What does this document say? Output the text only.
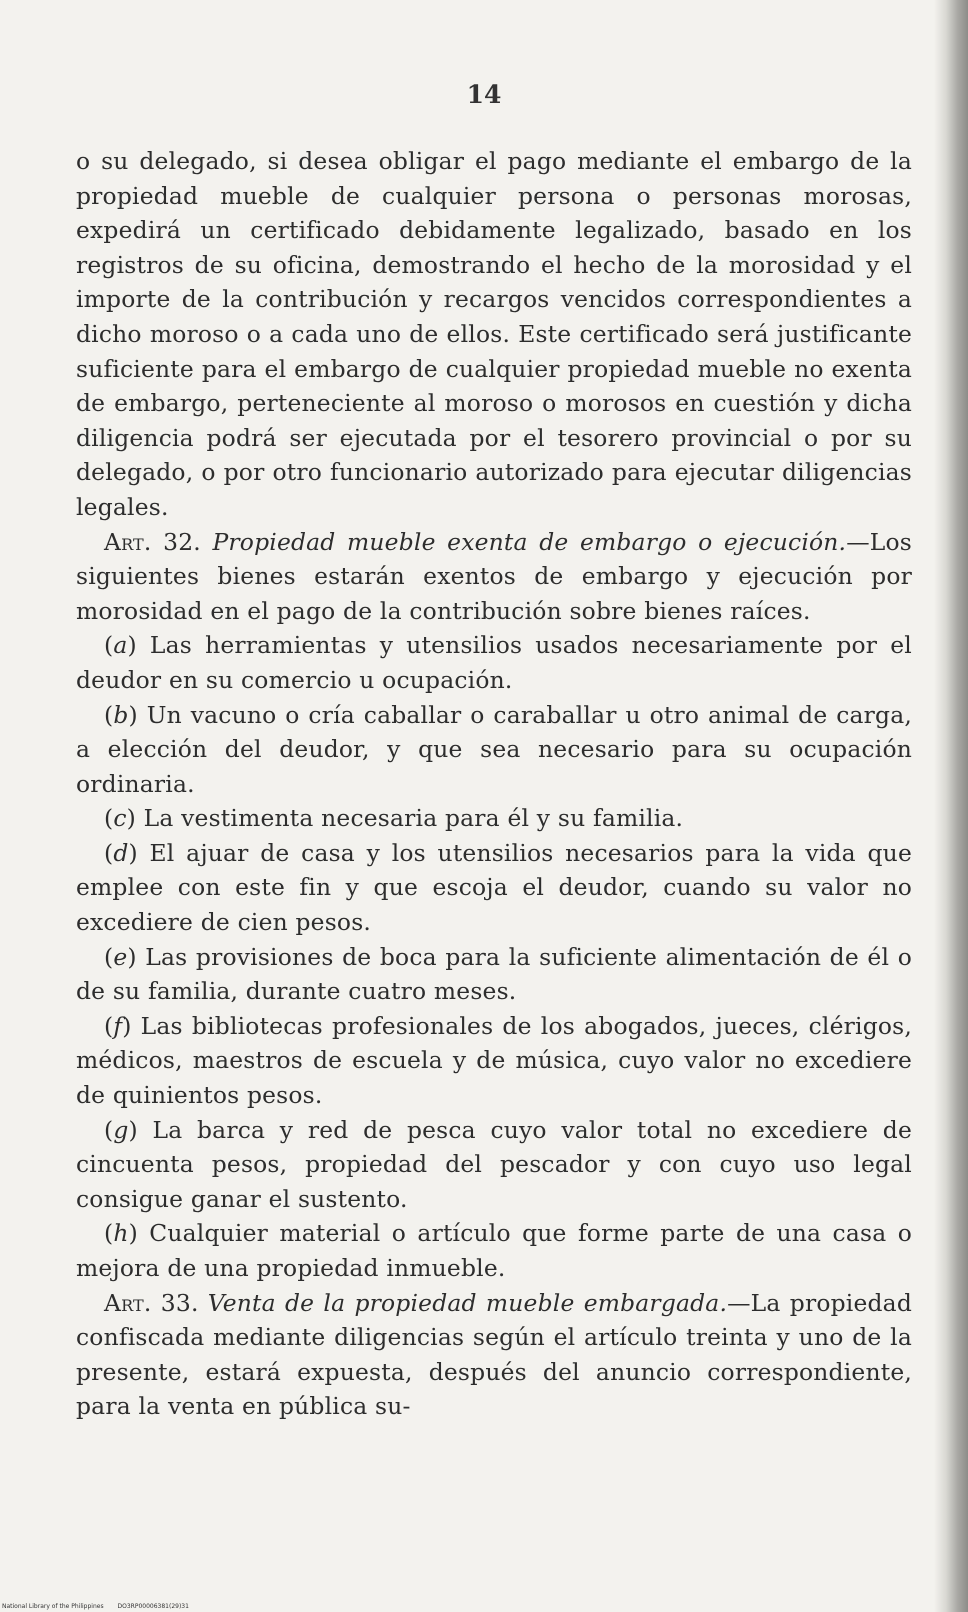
14

o su delegado, si desea obligar el pago mediante el embargo de la propiedad mueble de cualquier persona o personas morosas, expedirá un certificado debidamente legalizado, basado en los registros de su oficina, demostrando el hecho de la morosidad y el importe de la contribución y recargos vencidos correspondientes a dicho moroso o a cada uno de ellos. Este certificado será justificante suficiente para el embargo de cualquier propiedad mueble no exenta de embargo, perteneciente al moroso o morosos en cuestión y dicha diligencia podrá ser ejecutada por el tesorero provincial o por su delegado, o por otro funcionario autorizado para ejecutar diligencias legales.

Art. 32. Propiedad mueble exenta de embargo o ejecución.—Los siguientes bienes estarán exentos de embargo y ejecución por morosidad en el pago de la contribución sobre bienes raíces.

(a) Las herramientas y utensilios usados necesariamente por el deudor en su comercio u ocupación.

(b) Un vacuno o cría caballar o caraballar u otro animal de carga, a elección del deudor, y que sea necesario para su ocupación ordinaria.

(c) La vestimenta necesaria para él y su familia.

(d) El ajuar de casa y los utensilios necesarios para la vida que emplee con este fin y que escoja el deudor, cuando su valor no excediere de cien pesos.

(e) Las provisiones de boca para la suficiente alimentación de él o de su familia, durante cuatro meses.

(f) Las bibliotecas profesionales de los abogados, jueces, clérigos, médicos, maestros de escuela y de música, cuyo valor no excediere de quinientos pesos.

(g) La barca y red de pesca cuyo valor total no excediere de cincuenta pesos, propiedad del pescador y con cuyo uso legal consigue ganar el sustento.

(h) Cualquier material o artículo que forme parte de una casa o mejora de una propiedad inmueble.

Art. 33. Venta de la propiedad mueble embargada.—La propiedad confiscada mediante diligencias según el artículo treinta y uno de la presente, estará expuesta, después del anuncio correspondiente, para la venta en pública su-

National Library of the Philippines DO3RP00006381(29)31
